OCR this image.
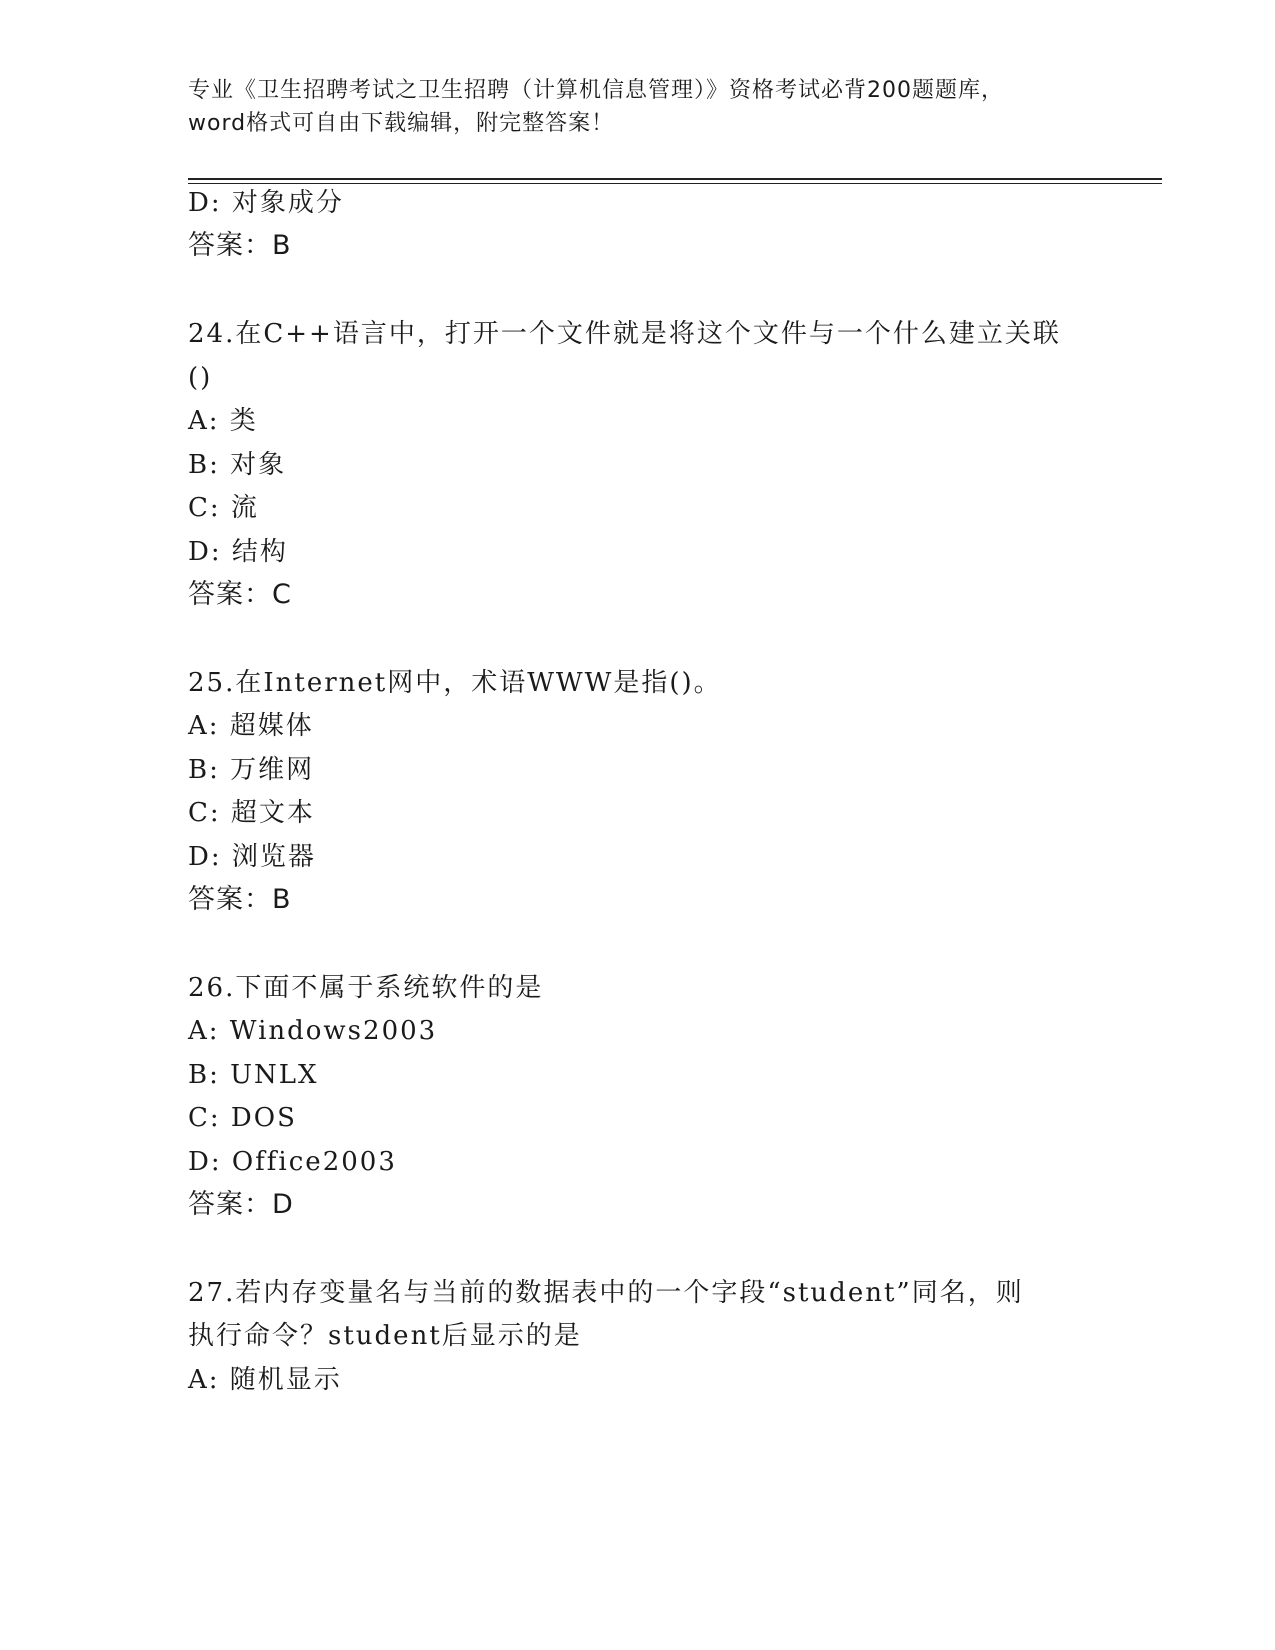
专业《卫生招聘考试之卫生招聘（计算机信息管理）》资格考试必背200题题库，
word格式可自由下载编辑，附完整答案！
D: 对象成分
答案：B
24.在C++语言中，打开一个文件就是将这个文件与一个什么建立关联
()
A: 类
B: 对象
C: 流
D: 结构
答案：C
25.在Internet网中，术语WWW是指()。
A: 超媒体
B: 万维网
C: 超文本
D: 浏览器
答案：B
26.下面不属于系统软件的是
A: Windows2003
B: UNLX
C: DOS
D: Office2003
答案：D
27.若内存变量名与当前的数据表中的一个字段“student”同名，则
执行命令？student后显示的是
A: 随机显示
